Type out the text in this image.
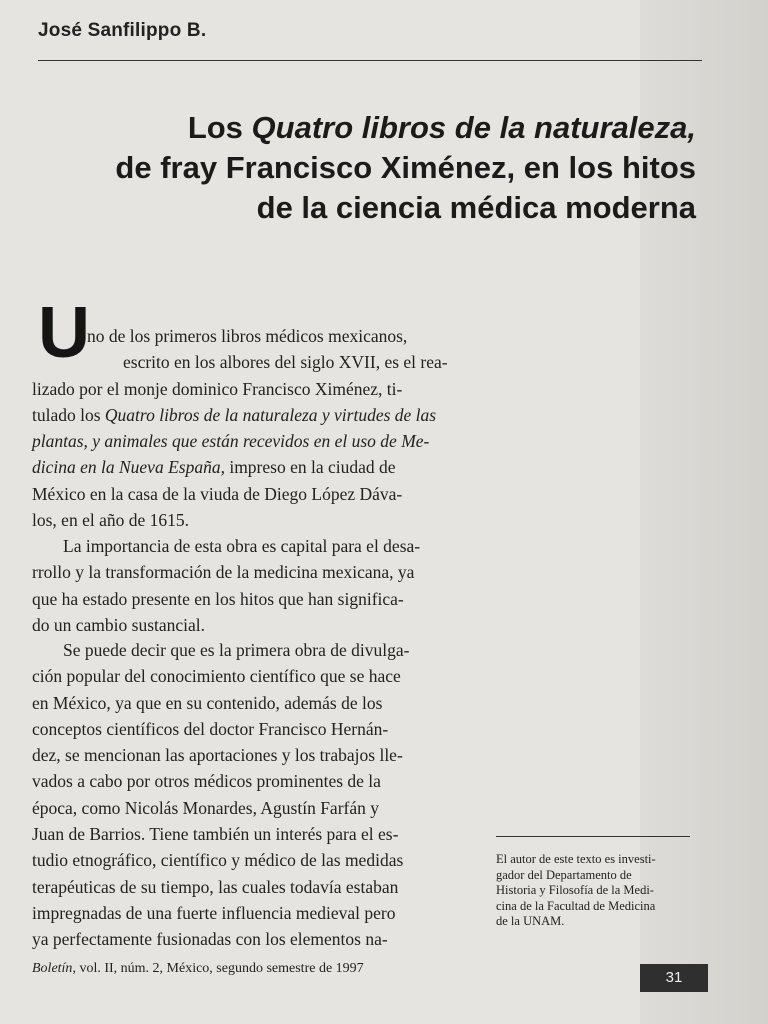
José Sanfilippo B.
Los Quatro libros de la naturaleza,
de fray Francisco Ximénez, en los hitos
de la ciencia médica moderna
U
no de los primeros libros médicos mexicanos,
escrito en los albores del siglo XVII, es el rea-
lizado por el monje dominico Francisco Ximénez, ti-
tulado los Quatro libros de la naturaleza y virtudes de las
plantas, y animales que están recevidos en el uso de Me-
dicina en la Nueva España, impreso en la ciudad de
México en la casa de la viuda de Diego López Dáva-
los, en el año de 1615.
La importancia de esta obra es capital para el desa-
rrollo y la transformación de la medicina mexicana, ya
que ha estado presente en los hitos que han significa-
do un cambio sustancial.
Se puede decir que es la primera obra de divulga-
ción popular del conocimiento científico que se hace
en México, ya que en su contenido, además de los
conceptos científicos del doctor Francisco Hernán-
dez, se mencionan las aportaciones y los trabajos lle-
vados a cabo por otros médicos prominentes de la
época, como Nicolás Monardes, Agustín Farfán y
Juan de Barrios. Tiene también un interés para el es-
tudio etnográfico, científico y médico de las medidas
terapéuticas de su tiempo, las cuales todavía estaban
impregnadas de una fuerte influencia medieval pero
ya perfectamente fusionadas con los elementos na-
El autor de este texto es investi-
gador del Departamento de
Historia y Filosofía de la Medi-
cina de la Facultad de Medicina
de la UNAM.
Boletín, vol. II, núm. 2, México, segundo semestre de 1997
31
